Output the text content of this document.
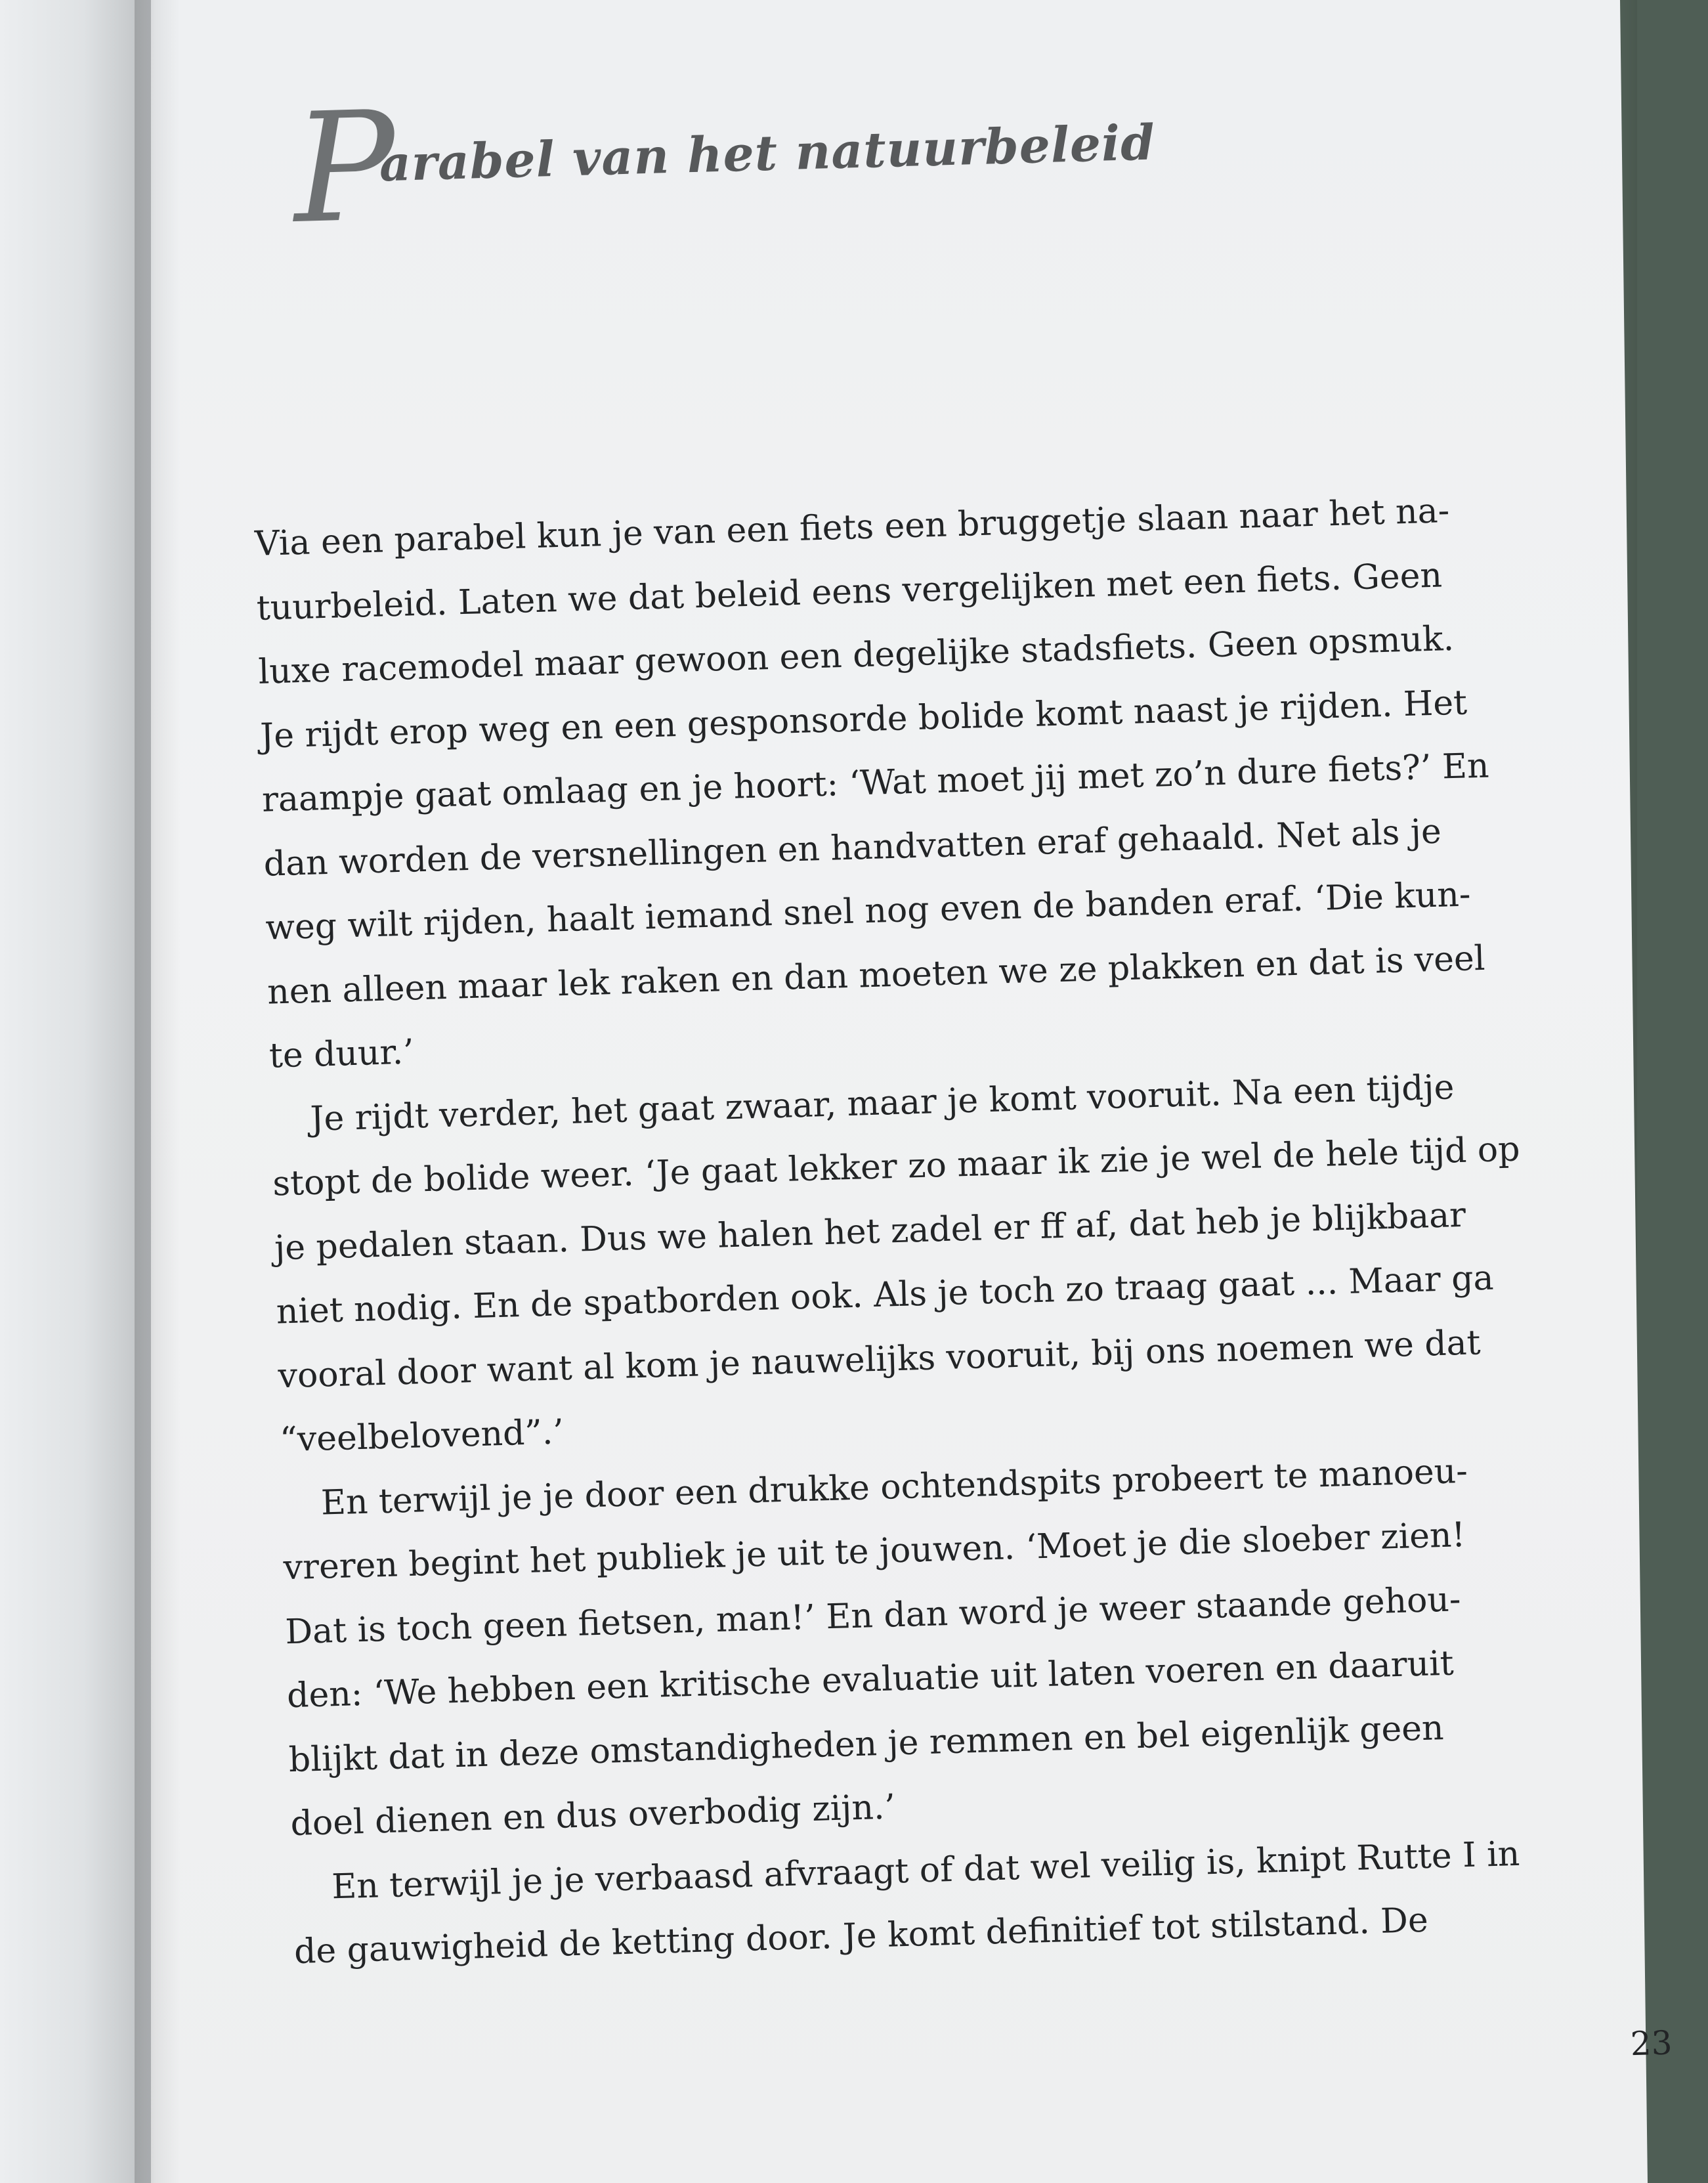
Parabel van het natuurbeleid
Via een parabel kun je van een fiets een bruggetje slaan naar het na-
tuurbeleid. Laten we dat beleid eens vergelijken met een fiets. Geen
luxe racemodel maar gewoon een degelijke stadsfiets. Geen opsmuk.
Je rijdt erop weg en een gesponsorde bolide komt naast je rijden. Het
raampje gaat omlaag en je hoort: ‘Wat moet jij met zo’n dure fiets?’ En
dan worden de versnellingen en handvatten eraf gehaald. Net als je
weg wilt rijden, haalt iemand snel nog even de banden eraf. ‘Die kun-
nen alleen maar lek raken en dan moeten we ze plakken en dat is veel
te duur.’
Je rijdt verder, het gaat zwaar, maar je komt vooruit. Na een tijdje
stopt de bolide weer. ‘Je gaat lekker zo maar ik zie je wel de hele tijd op
je pedalen staan. Dus we halen het zadel er ff af, dat heb je blijkbaar
niet nodig. En de spatborden ook. Als je toch zo traag gaat ... Maar ga
vooral door want al kom je nauwelijks vooruit, bij ons noemen we dat
“veelbelovend”.’
En terwijl je je door een drukke ochtendspits probeert te manoeu-
vreren begint het publiek je uit te jouwen. ‘Moet je die sloeber zien!
Dat is toch geen fietsen, man!’ En dan word je weer staande gehou-
den: ‘We hebben een kritische evaluatie uit laten voeren en daaruit
blijkt dat in deze omstandigheden je remmen en bel eigenlijk geen
doel dienen en dus overbodig zijn.’
En terwijl je je verbaasd afvraagt of dat wel veilig is, knipt Rutte I in
de gauwigheid de ketting door. Je komt definitief tot stilstand. De
23
